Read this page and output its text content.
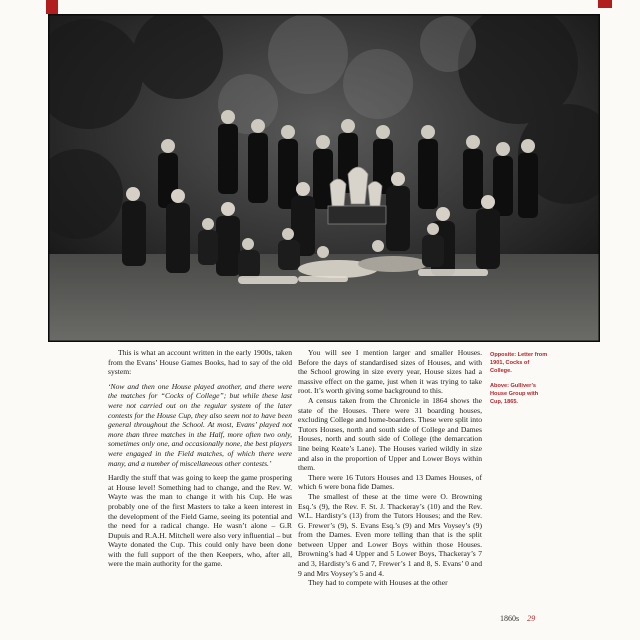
This is what an account written in the early 1900s, taken from the Evans’ House Games Books, had to say of the old system:

‘Now and then one House played another, and there were the matches for “Cocks of College”; but while these last were not carried out on the regular system of the later contests for the House Cup, they also seem not to have been general throughout the School. At most, Evans’ played not more than three matches in the Half, more often two only, sometimes only one, and occasionally none, the best players were engaged in the Field matches, of which there were many, and a number of miscellaneous other contests.’

Hardly the stuff that was going to keep the game prospering at House level! Something had to change, and the Rev. W. Wayte was the man to change it with his Cup. He was probably one of the first Masters to take a keen interest in the development of the Field Game, seeing its potential and the need for a radical change. He wasn’t alone – G.R Dupuis and R.A.H. Mitchell were also very influential – but Wayte donated the Cup. This could only have been done with the full support of the then Keepers, who, after all, were the main authority for the game.

You will see I mention larger and smaller Houses. Before the days of standardised sizes of Houses, and with the School growing in size every year, House sizes had a massive effect on the game, just when it was trying to take root. It’s worth giving some background to this.

A census taken from the Chronicle in 1864 shows the state of the Houses. There were 31 boarding houses, excluding College and home-boarders. These were split into Tutors Houses, north and south side of College and Dames Houses, north and south side of College (the demarcation line being Keate’s Lane). The Houses varied wildly in size and also in the proportion of Upper and Lower Boys within them.

There were 16 Tutors Houses and 13 Dames Houses, of which 6 were bona fide Dames.

The smallest of these at the time were O. Browning Esq.’s (9), the Rev. F. St. J. Thackeray’s (10) and the Rev. W.L. Hardisty’s (13) from the Tutors Houses; and the Rev. G. Frewer’s (9), S. Evans Esq.’s (9) and Mrs Voysey’s (9) from the Dames. Even more telling than that is the split between Upper and Lower Boys within those Houses. Browning’s had 4 Upper and 5 Lower Boys, Thackeray’s 7 and 3, Hardisty’s 6 and 7, Frewer’s 1 and 8, S. Evans’ 0 and 9 and Mrs Voysey’s 5 and 4.

They had to compete with Houses at the other

Opposite: Letter from 1901, Cocks of College.

Above: Gulliver’s House Group with Cup, 1865.

1860s 29
